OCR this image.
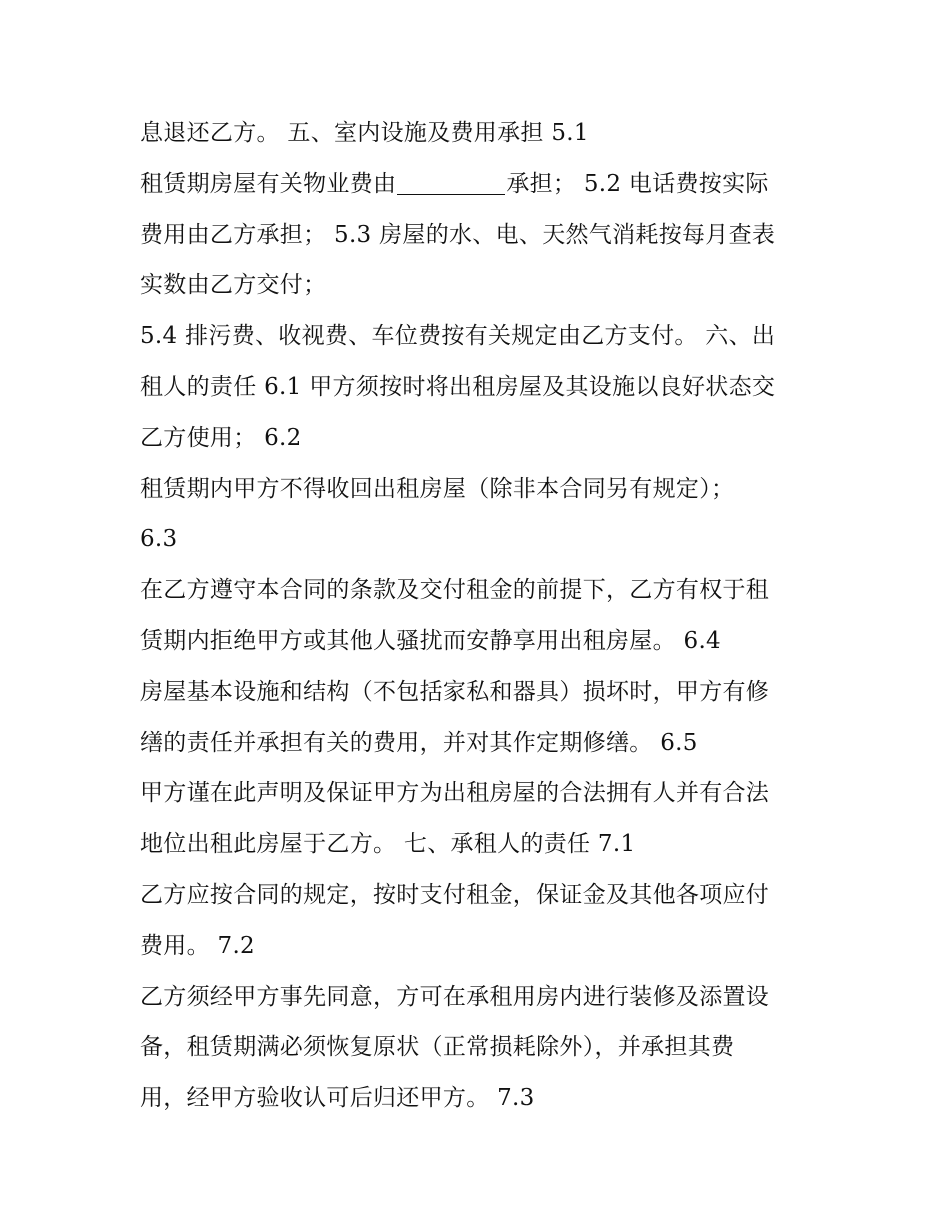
息退还乙方。 五、室内设施及费用承担 5.1
租赁期房屋有关物业费由	承担； 5.2 电话费按实际
费用由乙方承担； 5.3 房屋的水、电、天然气消耗按每月查表
实数由乙方交付；
5.4 排污费、收视费、车位费按有关规定由乙方支付。 六、出
租人的责任 6.1 甲方须按时将出租房屋及其设施以良好状态交
乙方使用； 6.2
租赁期内甲方不得收回出租房屋（除非本合同另有规定）；
6.3
在乙方遵守本合同的条款及交付租金的前提下，乙方有权于租
赁期内拒绝甲方或其他人骚扰而安静享用出租房屋。 6.4
房屋基本设施和结构（不包括家私和器具）损坏时，甲方有修
缮的责任并承担有关的费用，并对其作定期修缮。 6.5
甲方谨在此声明及保证甲方为出租房屋的合法拥有人并有合法
地位出租此房屋于乙方。 七、承租人的责任 7.1
乙方应按合同的规定，按时支付租金，保证金及其他各项应付
费用。 7.2
乙方须经甲方事先同意，方可在承租用房内进行装修及添置设
备，租赁期满必须恢复原状（正常损耗除外），并承担其费
用，经甲方验收认可后归还甲方。 7.3
